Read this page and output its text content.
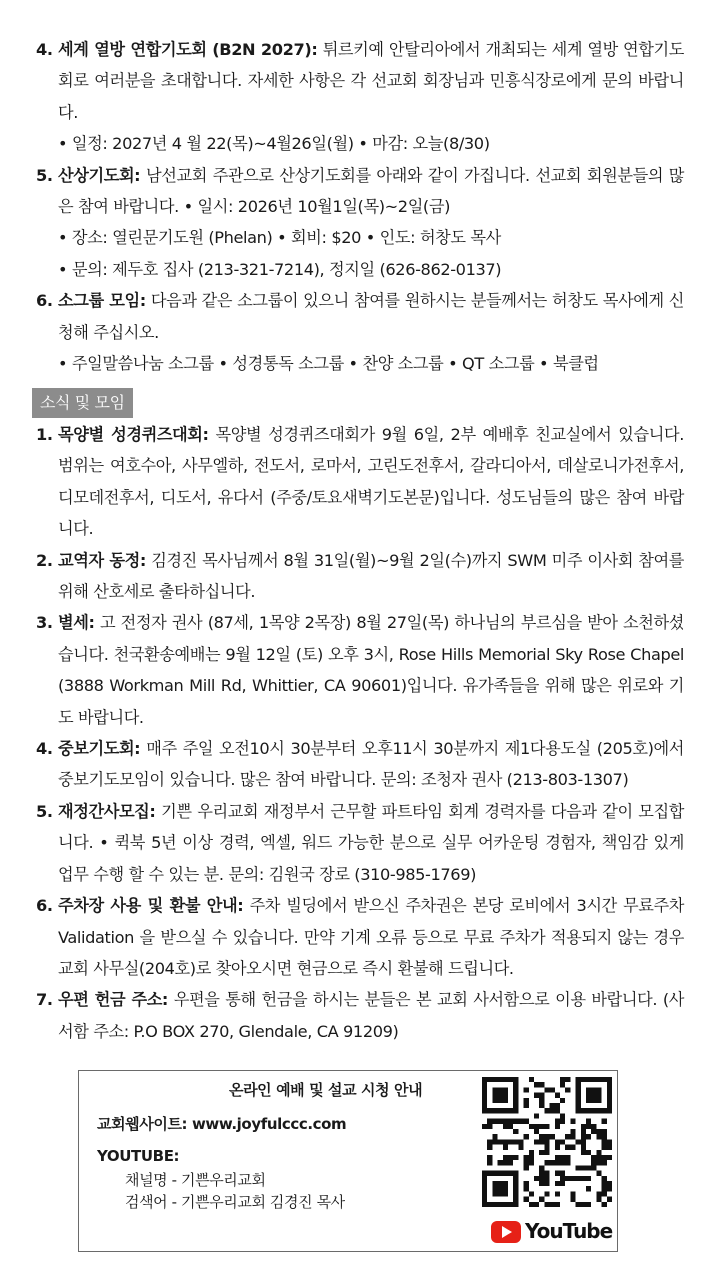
4. 세계 열방 연합기도회 (B2N 2027): 튀르키예 안탈리아에서 개최되는 세계 열방 연합기도회로 여러분을 초대합니다. 자세한 사항은 각 선교회 회장님과 민흥식장로에게 문의 바랍니다.
• 일정: 2027년 4 월 22(목)~4월26일(월) • 마감: 오늘(8/30)
5. 산상기도회: 남선교회 주관으로 산상기도회를 아래와 같이 가집니다. 선교회 회원분들의 많은 참여 바랍니다. • 일시: 2026년 10월1일(목)~2일(금)
• 장소: 열린문기도원 (Phelan) • 회비: $20 • 인도: 허창도 목사
• 문의: 제두호 집사 (213-321-7214), 정지일 (626-862-0137)
6. 소그룹 모임: 다음과 같은 소그룹이 있으니 참여를 원하시는 분들께서는 허창도 목사에게 신청해 주십시오.
• 주일말씀나눔 소그룹 • 성경통독 소그룹 • 찬양 소그룹 • QT 소그룹 • 북클럽
소식 및 모임
1. 목양별 성경퀴즈대회: 목양별 성경퀴즈대회가 9월 6일, 2부 예배후 친교실에서 있습니다. 범위는 여호수아, 사무엘하, 전도서, 로마서, 고린도전후서, 갈라디아서, 데살로니가전후서, 디모데전후서, 디도서, 유다서 (주중/토요새벽기도본문)입니다. 성도님들의 많은 참여 바랍니다.
2. 교역자 동정: 김경진 목사님께서 8월 31일(월)~9월 2일(수)까지 SWM 미주 이사회 참여를 위해 산호세로 출타하십니다.
3. 별세: 고 전정자 권사 (87세, 1목양 2목장) 8월 27일(목) 하나님의 부르심을 받아 소천하셨습니다. 천국환송예배는 9월 12일 (토) 오후 3시, Rose Hills Memorial Sky Rose Chapel (3888 Workman Mill Rd, Whittier, CA 90601)입니다. 유가족들을 위해 많은 위로와 기도 바랍니다.
4. 중보기도회: 매주 주일 오전10시 30분부터 오후11시 30분까지 제1다용도실 (205호)에서 중보기도모임이 있습니다. 많은 참여 바랍니다. 문의: 조청자 권사 (213-803-1307)
5. 재정간사모집: 기쁜 우리교회 재정부서 근무할 파트타임 회계 경력자를 다음과 같이 모집합니다. • 퀵북 5년 이상 경력, 엑셀, 워드 가능한 분으로 실무 어카운팅 경험자, 책임감 있게 업무 수행 할 수 있는 분. 문의: 김원국 장로 (310-985-1769)
6. 주차장 사용 및 환불 안내: 주차 빌딩에서 받으신 주차권은 본당 로비에서 3시간 무료주차 Validation 을 받으실 수 있습니다. 만약 기계 오류 등으로 무료 주차가 적용되지 않는 경우 교회 사무실(204호)로 찾아오시면 현금으로 즉시 환불해 드립니다.
7. 우편 헌금 주소: 우편을 통해 헌금을 하시는 분들은 본 교회 사서함으로 이용 바랍니다. (사서함 주소: P.O BOX 270, Glendale, CA 91209)
온라인 예배 및 설교 시청 안내
교회웹사이트: www.joyfulccc.com
YOUTUBE:
채널명 - 기쁜우리교회
검색어 - 기쁜우리교회 김경진 목사
YouTube
